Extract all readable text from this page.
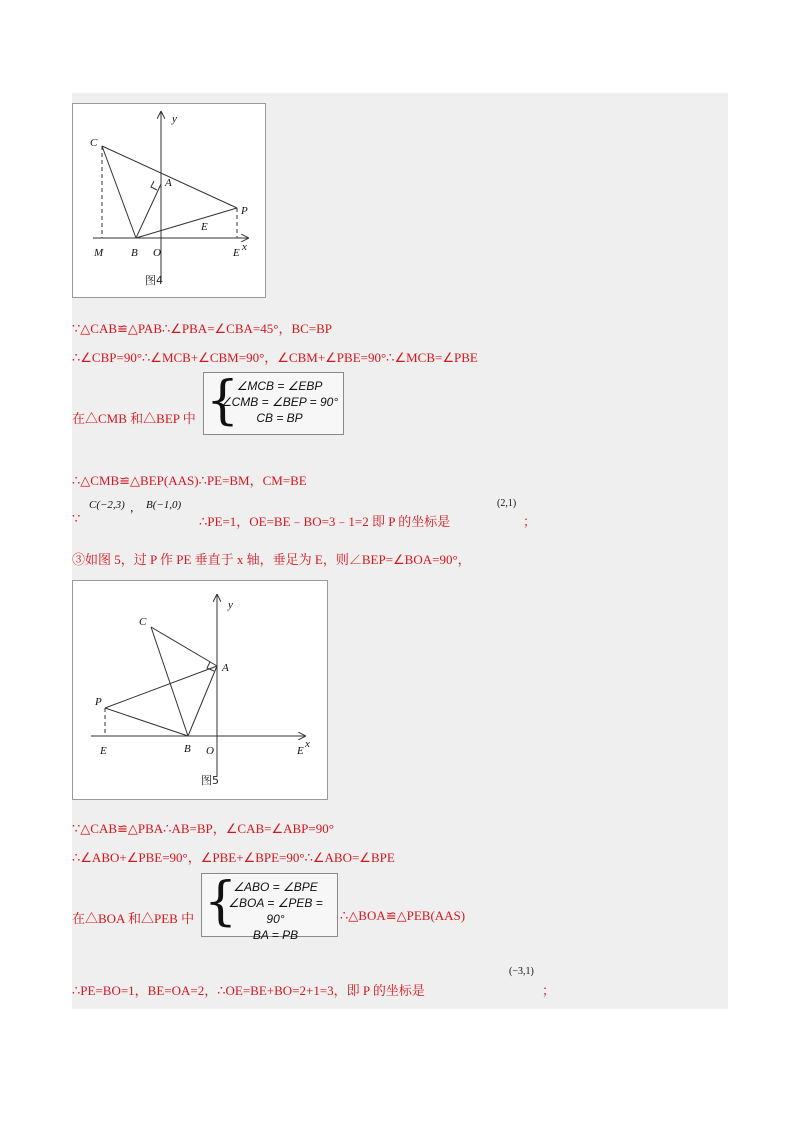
C
A
P
E
y
M	B O	E x
图4
∵△CAB≌△PAB∴∠PBA=∠CBA=45°，BC=BP
∴∠CBP=90°∴∠MCB+∠CBM=90°，∠CBM+∠PBE=90°∴∠MCB=∠PBE
在△CMB 和△BEP 中 {
∠MCB = ∠EBP
∠CMB = ∠BEP = 90°
CB = BP
∴△CMB≌△BEP(AAS)∴PE=BM，CM=BE
∵
C(−2,3) ， B(−1,0)
∴PE=1，OE=BE﹣BO=3﹣1=2 即 P 的坐标是
(2,1)
；
③如图 5，过 P 作 PE 垂直于 x 轴，垂足为 E，则∠BEP=∠BOA=90°，
C
A
y
P
E	B O	E
x
图5
∵△CAB≌△PBA∴AB=BP，∠CAB=∠ABP=90°
∴∠ABO+∠PBE=90°，∠PBE+∠BPE=90°∴∠ABO=∠BPE
在△BOA 和△PEB 中 {
∠ABO = ∠BPE
∠BOA = ∠PEB = 90°
BA = PB
∴△BOA≌△PEB(AAS)
∴PE=BO=1，BE=OA=2，∴OE=BE+BO=2+1=3，即 P 的坐标是
(−3,1)
；
